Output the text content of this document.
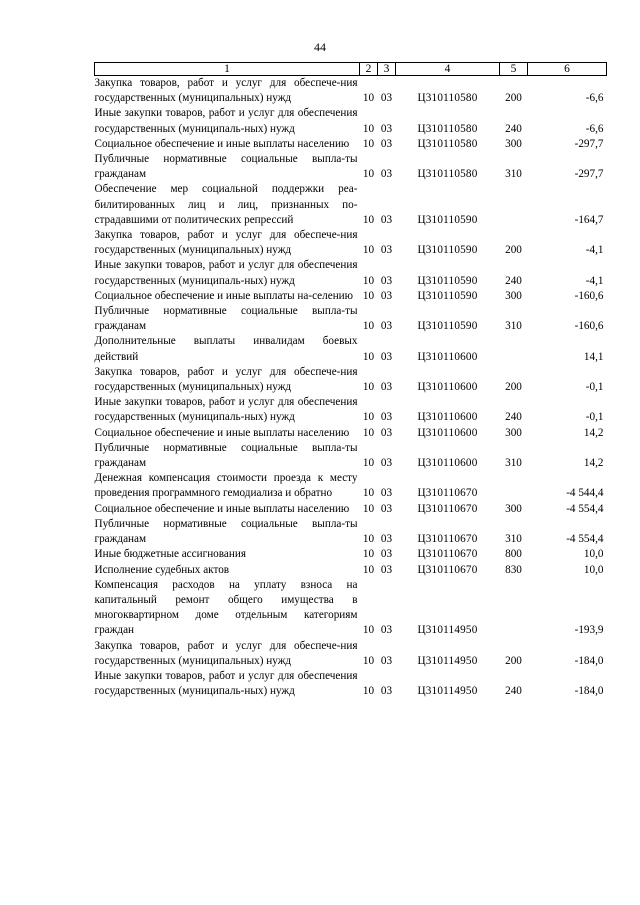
44
1	2	3	4	5	6
Закупка товаров, работ и услуг для обеспече-ния государственных (муниципальных) нужд	10	03	Ц310110580	200	-6,6
Иные закупки товаров, работ и услуг для обеспечения государственных (муниципаль-ных) нужд	10	03	Ц310110580	240	-6,6
Социальное обеспечение и иные выплаты населению	10	03	Ц310110580	300	-297,7
Публичные нормативные социальные выпла-ты гражданам	10	03	Ц310110580	310	-297,7
Обеспечение мер социальной поддержки реа-билитированных лиц и лиц, признанных по-страдавшими от политических репрессий	10	03	Ц310110590		-164,7
Закупка товаров, работ и услуг для обеспече-ния государственных (муниципальных) нужд	10	03	Ц310110590	200	-4,1
Иные закупки товаров, работ и услуг для обеспечения государственных (муниципаль-ных) нужд	10	03	Ц310110590	240	-4,1
Социальное обеспечение и иные выплаты на-селению	10	03	Ц310110590	300	-160,6
Публичные нормативные социальные выпла-ты гражданам	10	03	Ц310110590	310	-160,6
Дополнительные выплаты инвалидам боевых действий	10	03	Ц310110600		14,1
Закупка товаров, работ и услуг для обеспече-ния государственных (муниципальных) нужд	10	03	Ц310110600	200	-0,1
Иные закупки товаров, работ и услуг для обеспечения государственных (муниципаль-ных) нужд	10	03	Ц310110600	240	-0,1
Социальное обеспечение и иные выплаты населению	10	03	Ц310110600	300	14,2
Публичные нормативные социальные выпла-ты гражданам	10	03	Ц310110600	310	14,2
Денежная компенсация стоимости проезда к месту проведения программного гемодиализа и обратно	10	03	Ц310110670		-4 544,4
Социальное обеспечение и иные выплаты населению	10	03	Ц310110670	300	-4 554,4
Публичные нормативные социальные выпла-ты гражданам	10	03	Ц310110670	310	-4 554,4
Иные бюджетные ассигнования	10	03	Ц310110670	800	10,0
Исполнение судебных актов	10	03	Ц310110670	830	10,0
Компенсация расходов на уплату взноса на капитальный ремонт общего имущества в многоквартирном доме отдельным категориям граждан	10	03	Ц310114950		-193,9
Закупка товаров, работ и услуг для обеспече-ния государственных (муниципальных) нужд	10	03	Ц310114950	200	-184,0
Иные закупки товаров, работ и услуг для обеспечения государственных (муниципаль-ных) нужд	10	03	Ц310114950	240	-184,0
